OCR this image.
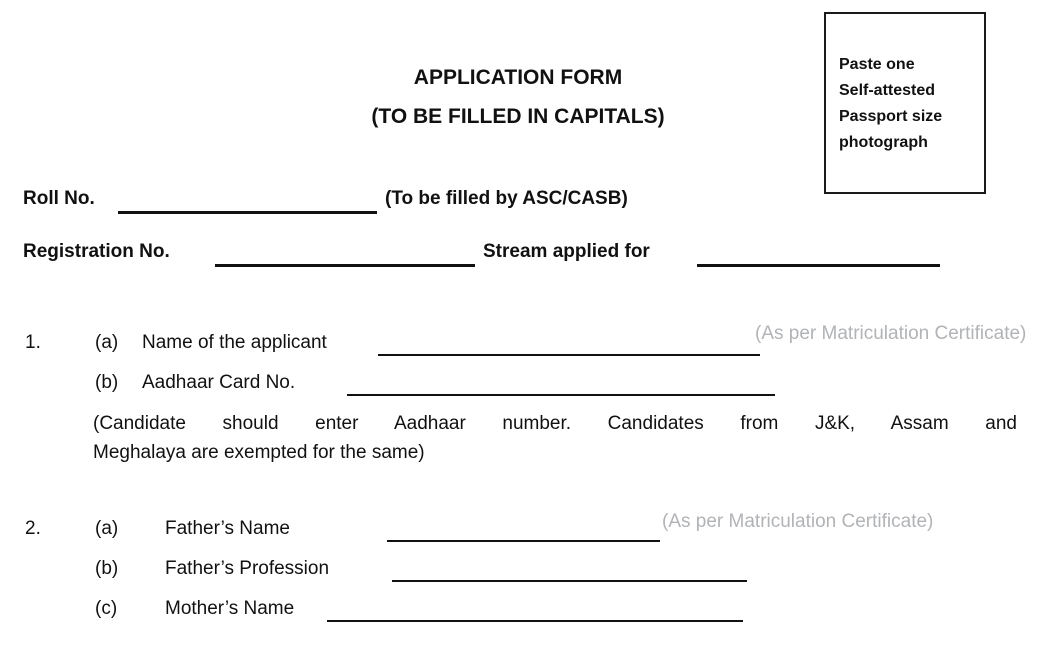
APPLICATION FORM
(TO BE FILLED IN CAPITALS)
Paste one
Self-attested
Passport size
photograph
Roll No.	(To be filled by ASC/CASB)
Registration No.	Stream applied for
1.	(a) Name of the applicant	(As per Matriculation Certificate)
(b) Aadhaar Card No.
(Candidate should enter Aadhaar number. Candidates from J&K, Assam and
Meghalaya are exempted for the same)
2.	(a) Father’s Name	(As per Matriculation Certificate)
(b) Father’s Profession
(c)	Mother’s Name
